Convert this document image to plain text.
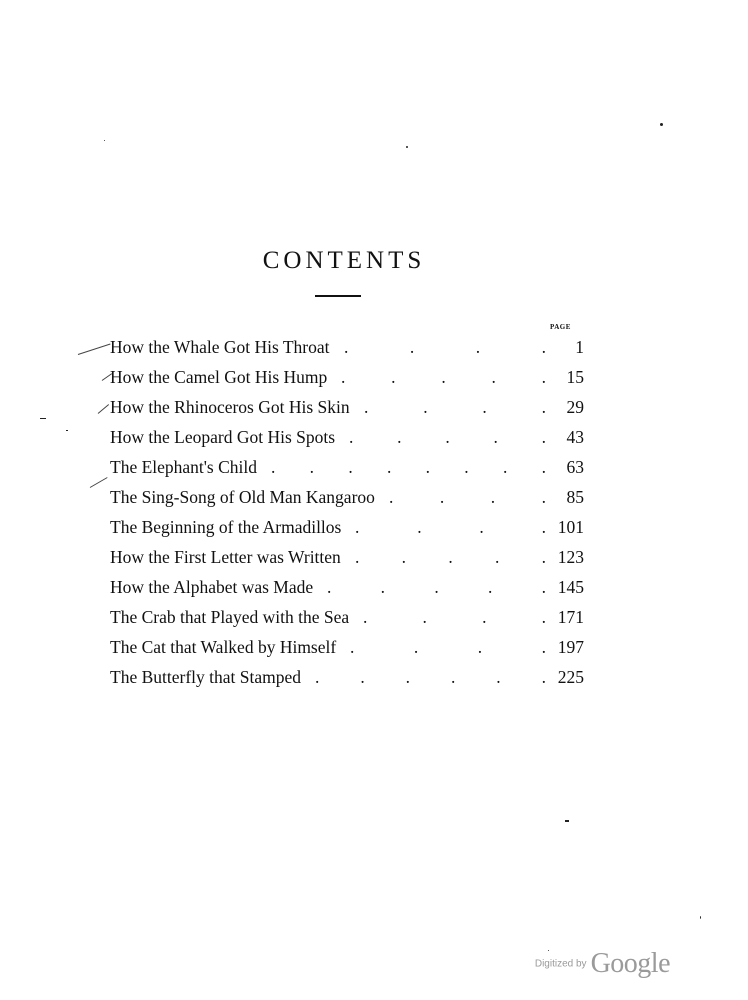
CONTENTS
PAGE
How the Whale Got His Throat .	.	.	.	1
How the Camel Got His Hump .	.	.	.	.	15
How the Rhinoceros Got His Skin .	.	.	.	29
How the Leopard Got His Spots .	.	.	.	.	43
The Elephant's Child . . . . . . . .	63
The Sing-Song of Old Man Kangaroo .	.	.	.	85
The Beginning of the Armadillos .	.	.	. 101
How the First Letter was Written . . . . . 123
How the Alphabet was Made .	.	.	.	. 145
The Crab that Played with the Sea .	.	.	. 171
The Cat that Walked by Himself .	.	.	. 197
The Butterfly that Stamped . . . . . . 225
Digitized by Google
